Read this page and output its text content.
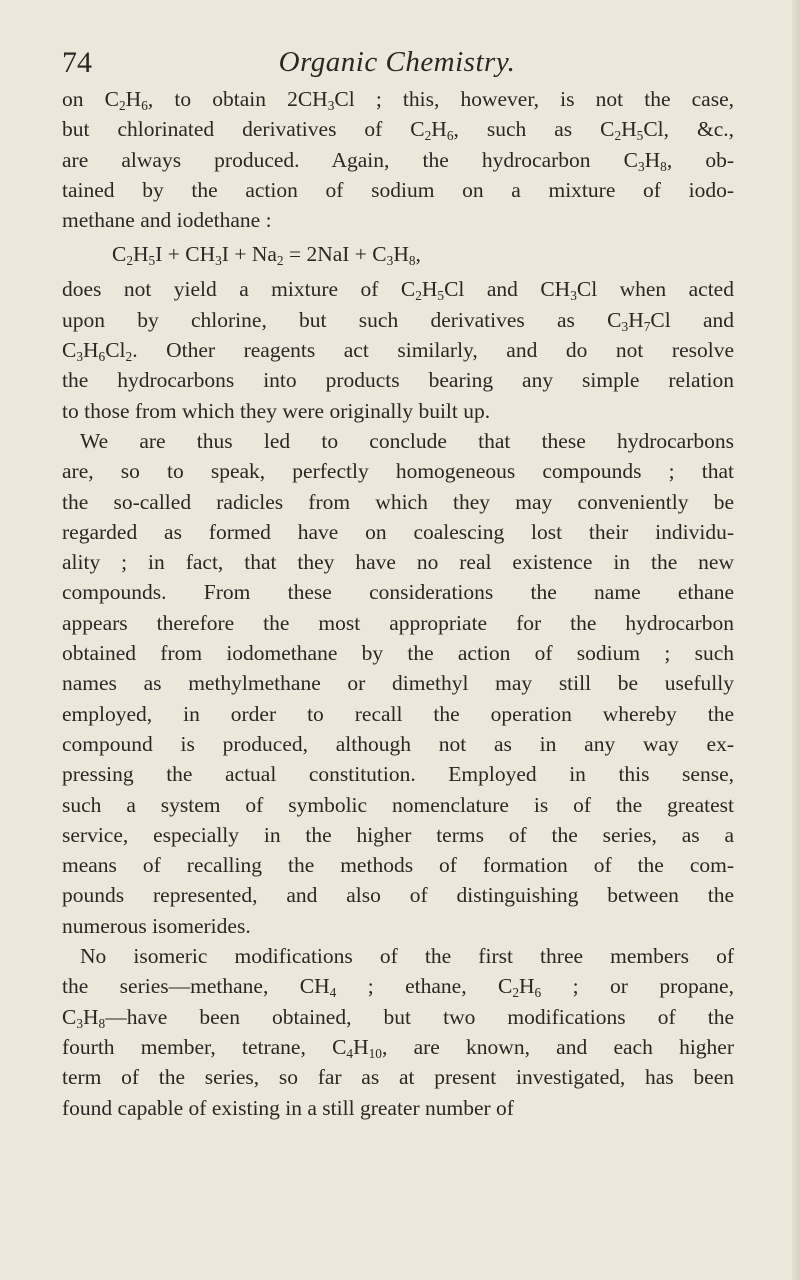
Organic Chemistry.
74
on $C_2H_6$, to obtain $2CH_3Cl$ ; this, however, is not the case,
but chlorinated derivatives of $C_2H_6$, such as $C_2H_5Cl$, &c.,
are always produced. Again, the hydrocarbon $C_3H_8$, ob-
tained by the action of sodium on a mixture of iodo-
methane and iodethane :
$C_2H_5I + CH_3I + Na_2 = 2NaI + C_3H_8$,
does not yield a mixture of $C_2H_5Cl$ and $CH_3Cl$ when acted
upon by chlorine, but such derivatives as $C_3H_7Cl$ and
$C_3H_6Cl_2$. Other reagents act similarly, and do not resolve
the hydrocarbons into products bearing any simple relation
to those from which they were originally built up.
We are thus led to conclude that these hydrocarbons
are, so to speak, perfectly homogeneous compounds ; that
the so-called radicles from which they may conveniently be
regarded as formed have on coalescing lost their individu-
ality ; in fact, that they have no real existence in the new
compounds. From these considerations the name ethane
appears therefore the most appropriate for the hydrocarbon
obtained from iodomethane by the action of sodium ; such
names as methylmethane or dimethyl may still be usefully
employed, in order to recall the operation whereby the
compound is produced, although not as in any way ex-
pressing the actual constitution. Employed in this sense,
such a system of symbolic nomenclature is of the greatest
service, especially in the higher terms of the series, as a
means of recalling the methods of formation of the com-
pounds represented, and also of distinguishing between the
numerous isomerides.
No isomeric modifications of the first three members of
the series—methane, $CH_4$ ; ethane, $C_2H_6$ ; or propane,
$C_3H_8—have$ been obtained, but two modifications of the
fourth member, tetrane, $C_4H_{10}$, are known, and each higher
term of the series, so far as at present investigated, has been
found capable of existing in a still greater number of
